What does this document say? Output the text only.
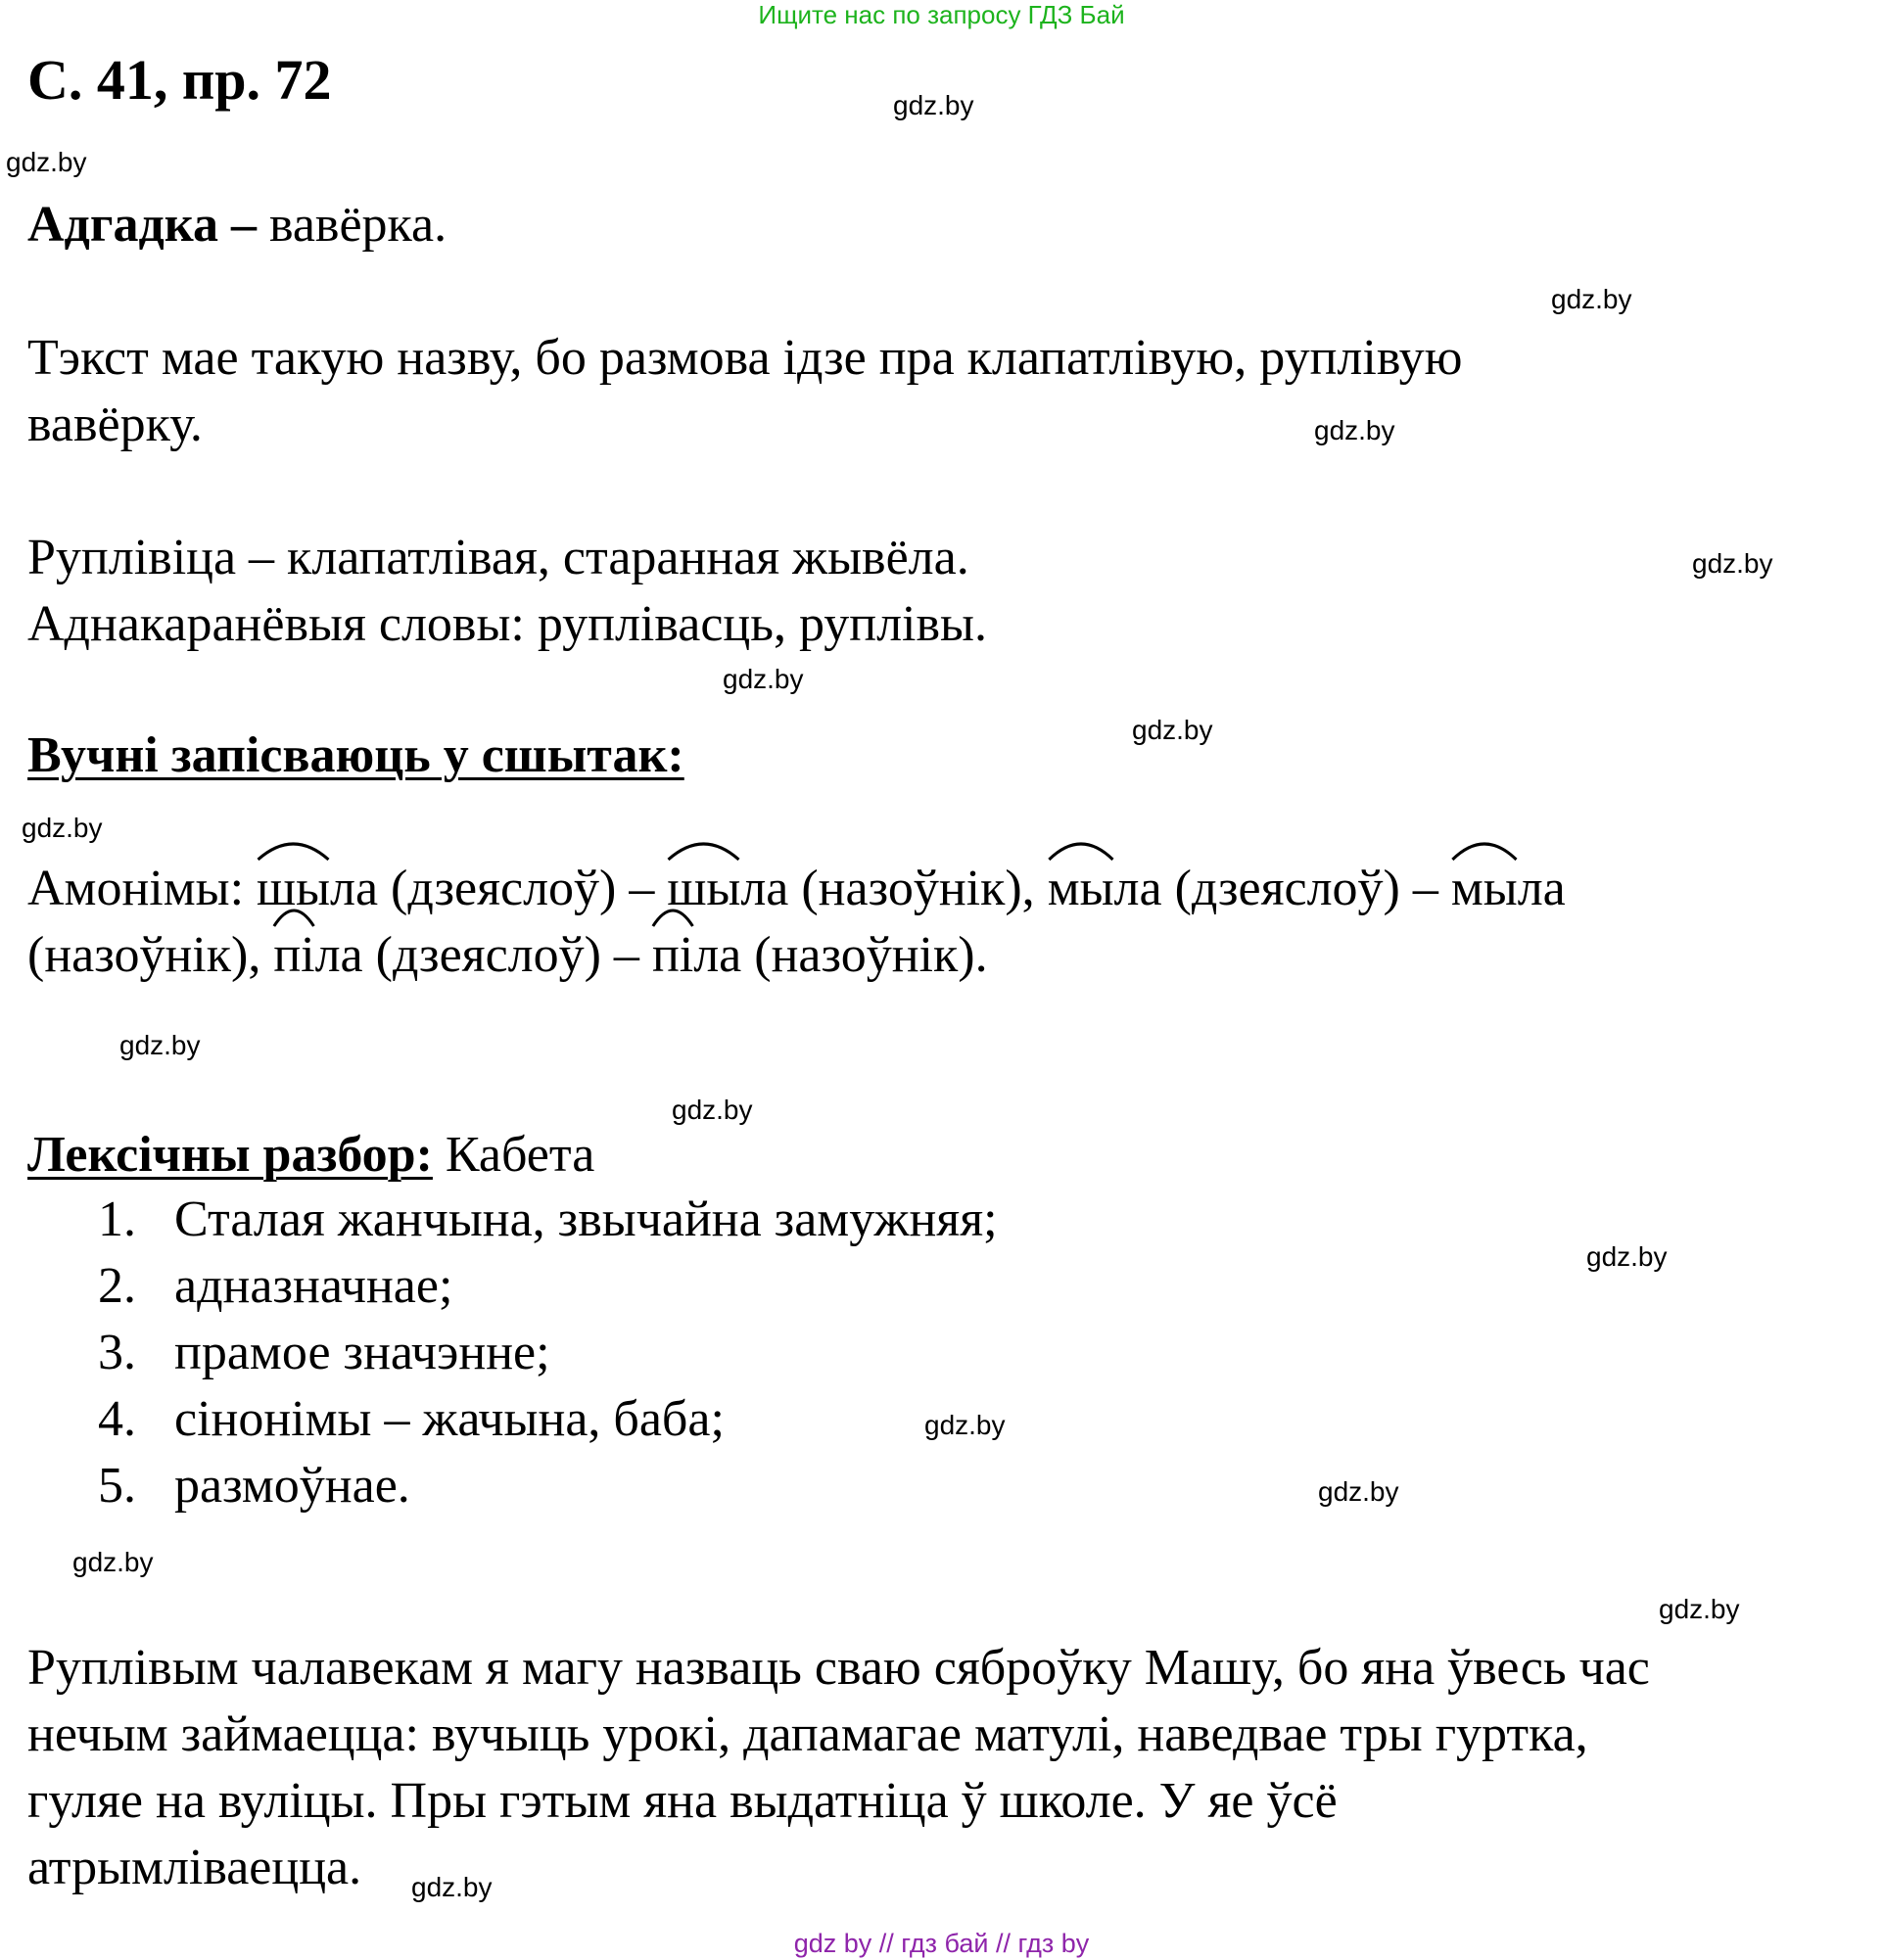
Ищите нас по запросу ГДЗ Бай
С. 41, пр. 72
Адгадка – вавёрка.
Тэкст мае такую назву, бо размова ідзе пра клапатлівую, руплівую
вавёрку.
Руплівіца – клапатлівая, старанная жывёла.
Аднакаранёвыя словы: руплівасць, руплівы.
Вучні запісваюць у сшытак:
Амонімы:
шыла (дзеяслоў) –
шыла (назоўнік),
мыла (дзеяслоў) –
мыла
(назоўнік),
піла (дзеяслоў) –
піла (назоўнік).
Лексічны разбор: Кабета
1. Сталая жанчына, звычайна замужняя;
2. адназначнае;
3. прамое значэнне;
4. сінонімы – жачына, баба;
5. размоўнае.
Руплівым чалавекам я магу назваць сваю сяброўку Машу, бо яна ўвесь час
нечым займаецца: вучыць урокі, дапамагае матулі, наведвае тры гуртка,
гуляе на вуліцы. Пры гэтым яна выдатніца ў школе. У яе ўсё
атрымліваецца.
gdz.by
gdz.by
gdz.by
gdz.by
gdz.by
gdz.by
gdz.by
gdz.by
gdz.by
gdz.by
gdz.by
gdz.by
gdz.by
gdz.by
gdz.by
gdz.by
gdz by // гдз бай // гдз by
